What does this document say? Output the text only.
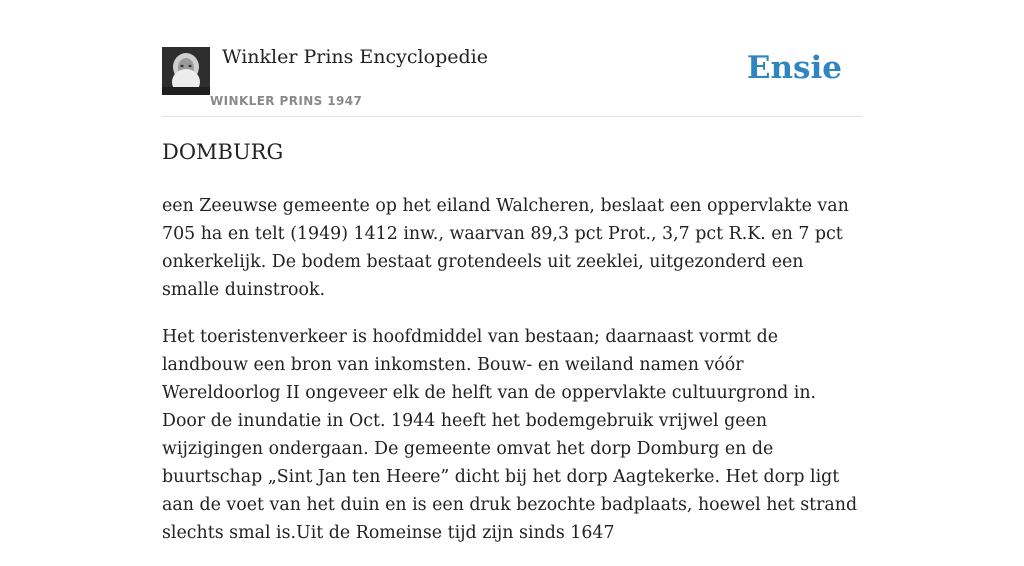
Winkler Prins Encyclopedie
WINKLER PRINS 1947
Ensie
DOMBURG

een Zeeuwse gemeente op het eiland Walcheren, beslaat een oppervlakte van 705 ha en telt (1949) 1412 inw., waarvan 89,3 pct Prot., 3,7 pct R.K. en 7 pct onkerkelijk. De bodem bestaat grotendeels uit zeeklei, uitgezonderd een smalle duinstrook.

Het toeristenverkeer is hoofdmiddel van bestaan; daarnaast vormt de landbouw een bron van inkomsten. Bouw- en weiland namen vóór Wereldoorlog II ongeveer elk de helft van de oppervlakte cultuurgrond in. Door de inundatie in Oct. 1944 heeft het bodemgebruik vrijwel geen wijzigingen ondergaan. De gemeente omvat het dorp Domburg en de buurtschap „Sint Jan ten Heere” dicht bij het dorp Aagtekerke. Het dorp ligt aan de voet van het duin en is een druk bezochte badplaats, hoewel het strand slechts smal is.Uit de Romeinse tijd zijn sinds 1647
